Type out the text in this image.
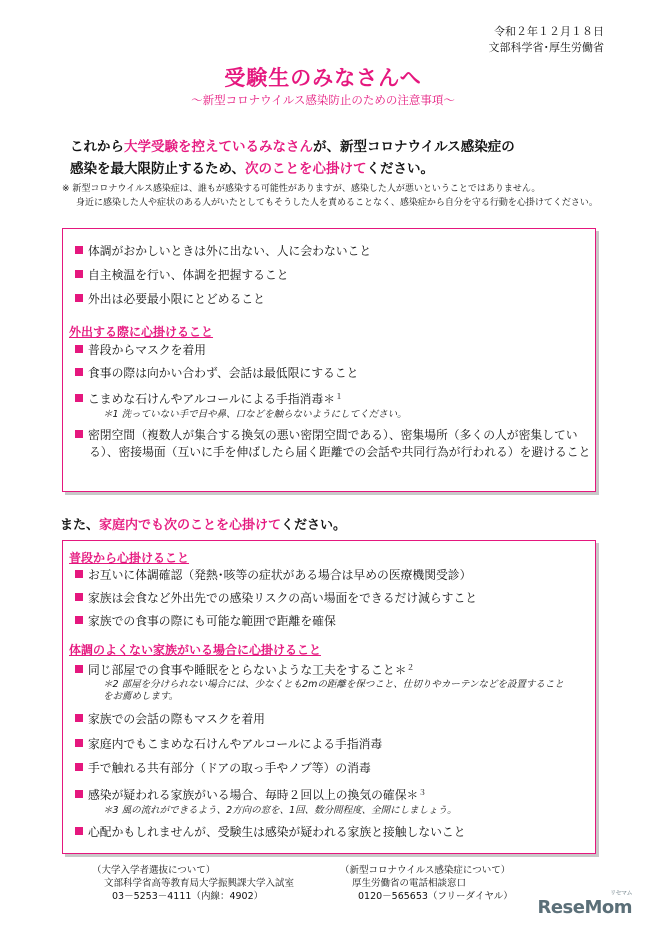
令和２年１２月１８日
文部科学省･厚生労働省
受験生のみなさんへ
～新型コロナウイルス感染防止のための注意事項～
これから大学受験を控えているみなさんが、新型コロナウイルス感染症の
感染を最大限防止するため、次のことを心掛けてください。
※ 新型コロナウイルス感染症は、誰もが感染する可能性がありますが、感染した人が悪いということではありません。
身近に感染した人や症状のある人がいたとしてもそうした人を責めることなく、感染症から自分を守る行動を心掛けてください。
体調がおかしいときは外に出ない、人に会わないこと
自主検温を行い、体調を把握すること
外出は必要最小限にとどめること
外出する際に心掛けること
普段からマスクを着用
食事の際は向かい合わず、会話は最低限にすること
こまめな石けんやアルコールによる手指消毒＊$^1$
＊1 洗っていない手で目や鼻、口などを触らないようにしてください。
密閉空間（複数人が集合する換気の悪い密閉空間である）、密集場所（多くの人が密集している）、密接場面（互いに手を伸ばしたら届く距離での会話や共同行為が行われる）を避けること
また、家庭内でも次のことを心掛けてください。
普段から心掛けること
お互いに体調確認（発熱･咳等の症状がある場合は早めの医療機関受診）
家族は会食など外出先での感染リスクの高い場面をできるだけ減らすこと
家族での食事の際にも可能な範囲で距離を確保
体調のよくない家族がいる場合に心掛けること
同じ部屋での食事や睡眠をとらないような工夫をすること＊$^2$
＊2 部屋を分けられない場合には、少なくとも2mの距離を保つこと、仕切りやカーテンなどを設置することをお薦めします。
家族での会話の際もマスクを着用
家庭内でもこまめな石けんやアルコールによる手指消毒
手で触れる共有部分（ドアの取っ手やノブ等）の消毒
感染が疑われる家族がいる場合、毎時２回以上の換気の確保＊$^3$
＊3 風の流れができるよう、2方向の窓を、1回、数分間程度、全開にしましょう。
心配かもしれませんが、受験生は感染が疑われる家族と接触しないこと
（大学入学者選抜について）
文部科学省高等教育局大学振興課大学入試室
03－5253－4111（内線：4902）
（新型コロナウイルス感染症について）
厚生労働省の電話相談窓口
0120－565653（フリーダイヤル）	リセマム
ReseMom
